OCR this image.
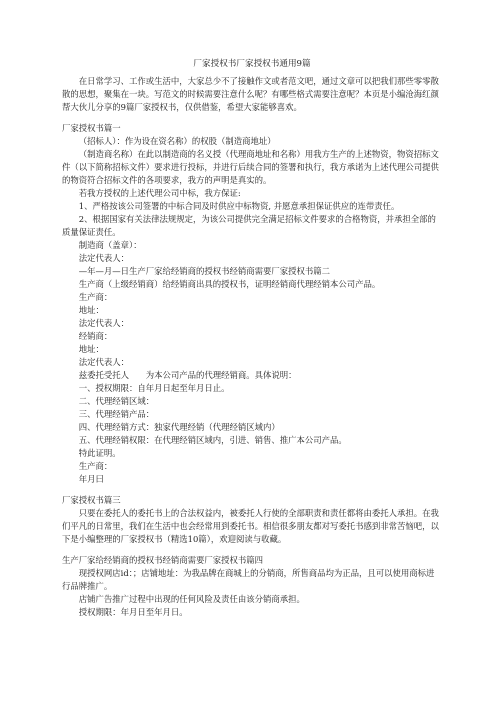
厂家授权书厂家授权书通用9篇

在日常学习、工作或生活中，大家总少不了接触作文或者范文吧，通过文章可以把我们那些零零散散的思想，聚集在一块。写范文的时候需要注意什么呢？有哪些格式需要注意呢？本页是小编沧海红颜帮大伙儿分享的9篇厂家授权书，仅供借鉴，希望大家能够喜欢。

厂家授权书篇一

（招标人）：作为设在资名称）的权股（制造商地址）

（制造商名称）在此以制造商的名义授（代理商地址和名称）用我方生产的上述物资，物资招标文件（以下简称招标文件）要求进行投标，并进行后续合同的签署和执行，我方承诺为上述代理公司提供的物资符合招标文件的各项要求，我方的声明是真实的。

若我方授权的上述代理公司中标，我方保证:

1、严格按该公司签署的中标合同及时供应中标物资, 并愿意承担保证供应的连带责任。

2、根据国家有关法律法规规定，为该公司提供完全满足招标文件要求的合格物资，并承担全部的质量保证责任。

制造商（盖章）：

法定代表人：

—年—月—日生产厂家给经销商的授权书经销商需要厂家授权书篇二

生产商（上级经销商）给经销商出具的授权书，证明经销商代理经销本公司产品。

生产商：

地址：

法定代表人：

经销商：

地址：

法定代表人：

兹委托受托人　　为本公司产品的代理经销商。具体说明：

一、授权期限：自年月日起至年月日止。

二、代理经销区域：

三、代理经销产品：

四、代理经销方式：独家代理经销（代理经销区域内）

五、代理经销权限：在代理经销区域内，引进、销售、推广本公司产品。

特此证明。

生产商：

年月曰

厂家授权书篇三

只要在委托人的委托书上的合法权益内，被委托人行使的全部职责和责任都将由委托人承担。在我们平凡的日常里，我们在生活中也会经常用到委托书。相信很多朋友都对写委托书感到非常苦恼吧，以下是小编整理的厂家授权书（精选10篇），欢迎阅读与收藏。

生产厂家给经销商的授权书经销商需要厂家授权书篇四

现授权网店id：；店铺地址：为我品牌在商城上的分销商，所售商品均为正品，且可以使用商标进行品牌推广。

店铺广告推广过程中出现的任何风险及责任由该分销商承担。

授权期限：年月日至年月日。
